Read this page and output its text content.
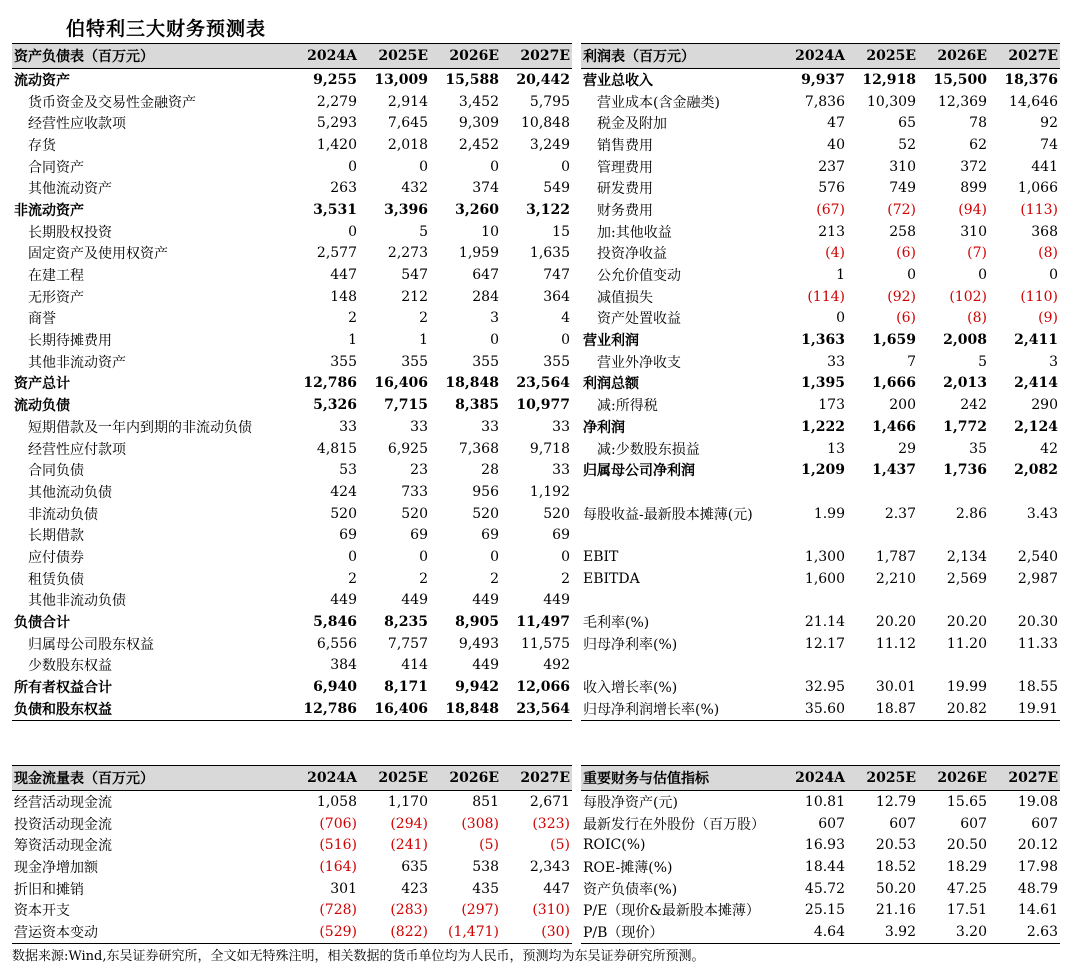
伯特利三大财务预测表
资产负债表（百万元）	2024A	2025E	2026E	2027E
流动资产	9,255	13,009	15,588	20,442
货币资金及交易性金融资产	2,279	2,914	3,452	5,795
经营性应收款项	5,293	7,645	9,309	10,848
存货	1,420	2,018	2,452	3,249
合同资产	0	0	0	0
其他流动资产	263	432	374	549
非流动资产	3,531	3,396	3,260	3,122
长期股权投资	0	5	10	15
固定资产及使用权资产	2,577	2,273	1,959	1,635
在建工程	447	547	647	747
无形资产	148	212	284	364
商誉	2	2	3	4
长期待摊费用	1	1	0	0
其他非流动资产	355	355	355	355
资产总计	12,786	16,406	18,848	23,564
流动负债	5,326	7,715	8,385	10,977
短期借款及一年内到期的非流动负债	33	33	33	33
经营性应付款项	4,815	6,925	7,368	9,718
合同负债	53	23	28	33
其他流动负债	424	733	956	1,192
非流动负债	520	520	520	520
长期借款	69	69	69	69
应付债券	0	0	0	0
租赁负债	2	2	2	2
其他非流动负债	449	449	449	449
负债合计	5,846	8,235	8,905	11,497
归属母公司股东权益	6,556	7,757	9,493	11,575
少数股东权益	384	414	449	492
所有者权益合计	6,940	8,171	9,942	12,066
负债和股东权益	12,786	16,406	18,848	23,564
利润表（百万元）	2024A	2025E	2026E	2027E
营业总收入	9,937	12,918	15,500	18,376
营业成本(含金融类)	7,836	10,309	12,369	14,646
税金及附加	47	65	78	92
销售费用	40	52	62	74
管理费用	237	310	372	441
研发费用	576	749	899	1,066
财务费用	(67)	(72)	(94)	(113)
加:其他收益	213	258	310	368
投资净收益	(4)	(6)	(7)	(8)
公允价值变动	1	0	0	0
减值损失	(114)	(92)	(102)	(110)
资产处置收益	0	(6)	(8)	(9)
营业利润	1,363	1,659	2,008	2,411
营业外净收支	33	7	5	3
利润总额	1,395	1,666	2,013	2,414
减:所得税	173	200	242	290
净利润	1,222	1,466	1,772	2,124
减:少数股东损益	13	29	35	42
归属母公司净利润	1,209	1,437	1,736	2,082

每股收益-最新股本摊薄(元)	1.99	2.37	2.86	3.43

EBIT	1,300	1,787	2,134	2,540
EBITDA	1,600	2,210	2,569	2,987

毛利率(%)	21.14	20.20	20.20	20.30
归母净利率(%)	12.17	11.12	11.20	11.33

收入增长率(%)	32.95	30.01	19.99	18.55
归母净利润增长率(%)	35.60	18.87	20.82	19.91
现金流量表（百万元）	2024A	2025E	2026E	2027E
经营活动现金流	1,058	1,170	851	2,671
投资活动现金流	(706)	(294)	(308)	(323)
筹资活动现金流	(516)	(241)	(5)	(5)
现金净增加额	(164)	635	538	2,343
折旧和摊销	301	423	435	447
资本开支	(728)	(283)	(297)	(310)
营运资本变动	(529)	(822)	(1,471)	(30)
重要财务与估值指标	2024A	2025E	2026E	2027E
每股净资产(元)	10.81	12.79	15.65	19.08
最新发行在外股份（百万股）	607	607	607	607
ROIC(%)	16.93	20.53	20.50	20.12
ROE-摊薄(%)	18.44	18.52	18.29	17.98
资产负债率(%)	45.72	50.20	47.25	48.79
P/E（现价&最新股本摊薄）	25.15	21.16	17.51	14.61
P/B（现价）	4.64	3.92	3.20	2.63
数据来源:Wind,东吴证券研究所，全文如无特殊注明，相关数据的货币单位均为人民币，预测均为东吴证券研究所预测。
